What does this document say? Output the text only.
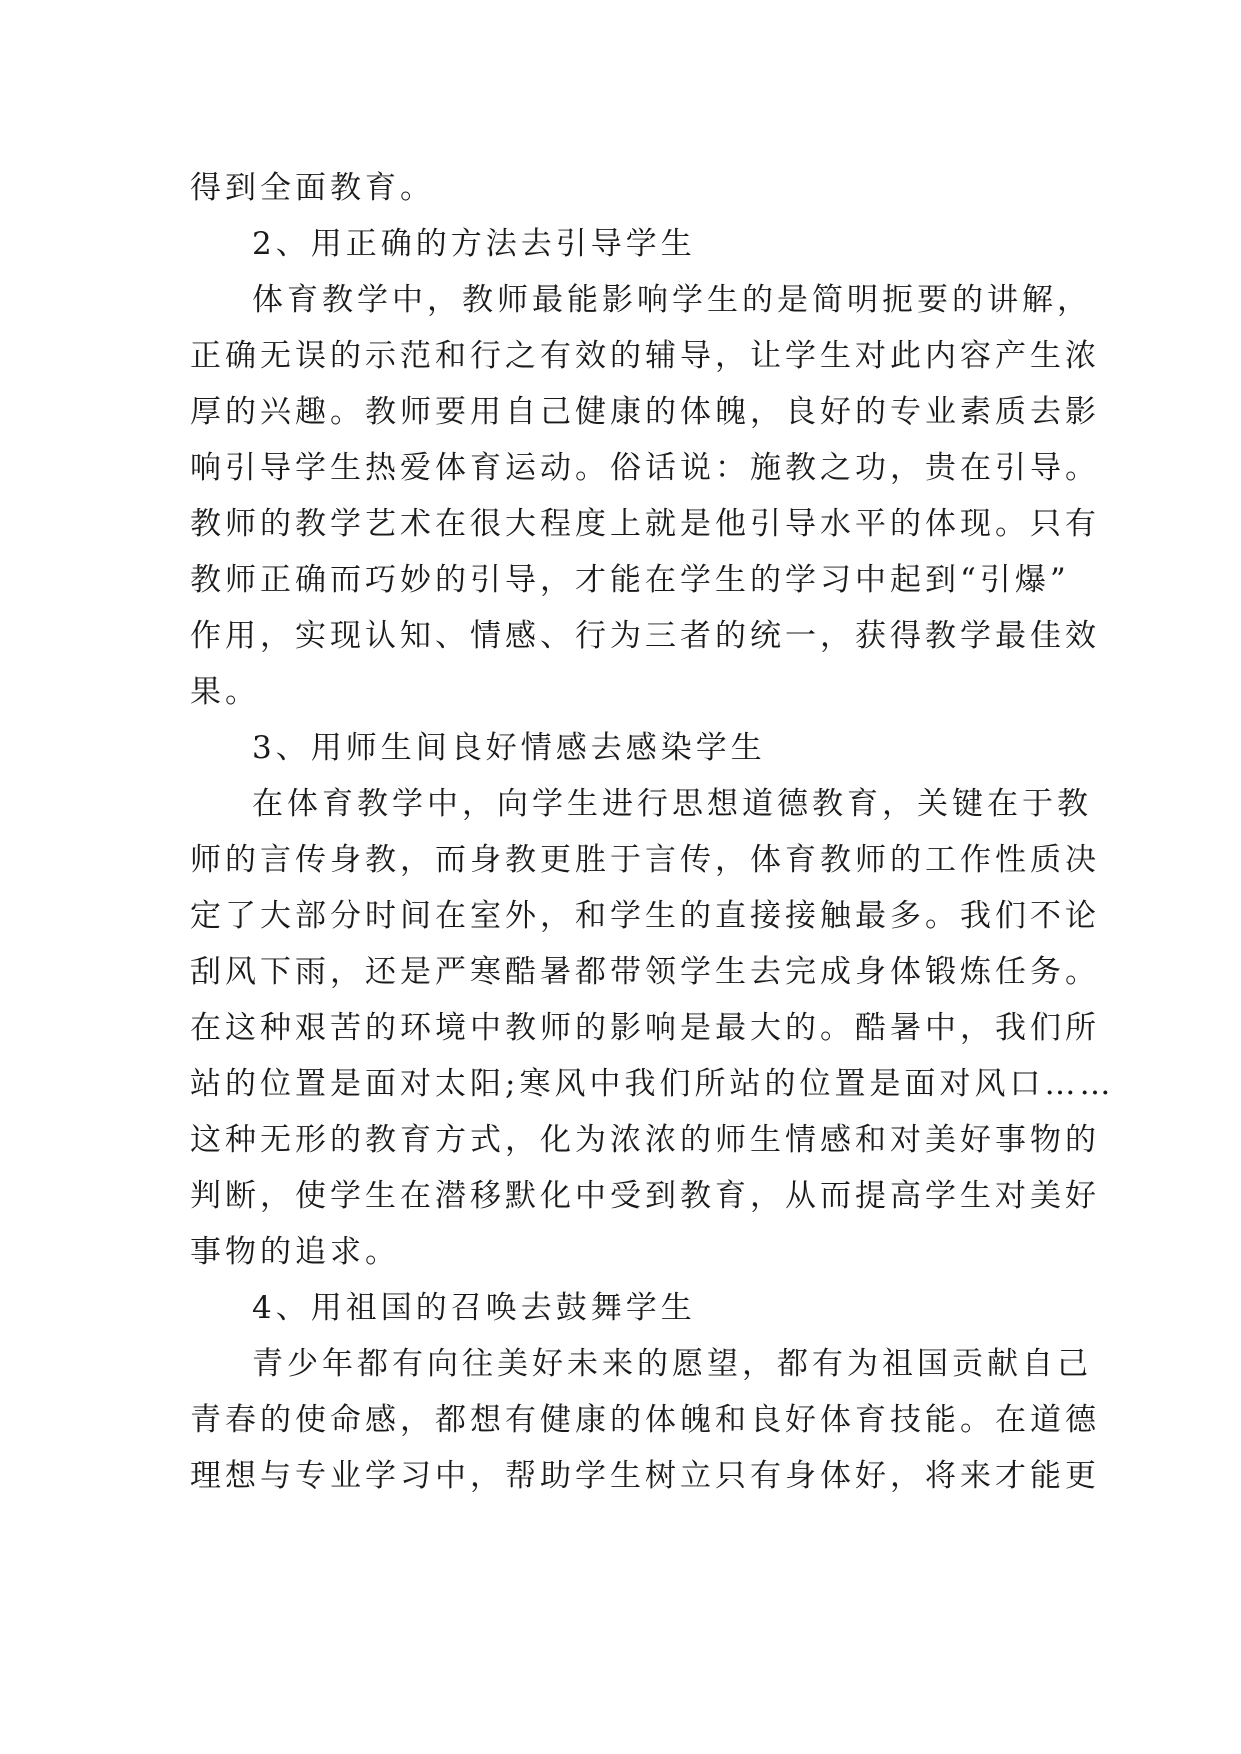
得到全面教育。
2、用正确的方法去引导学生
体育教学中，教师最能影响学生的是简明扼要的讲解，
正确无误的示范和行之有效的辅导，让学生对此内容产生浓
厚的兴趣。教师要用自己健康的体魄，良好的专业素质去影
响引导学生热爱体育运动。俗话说：施教之功，贵在引导。
教师的教学艺术在很大程度上就是他引导水平的体现。只有
教师正确而巧妙的引导，才能在学生的学习中起到“引爆”
作用，实现认知、情感、行为三者的统一，获得教学最佳效
果。
3、用师生间良好情感去感染学生
在体育教学中，向学生进行思想道德教育，关键在于教
师的言传身教，而身教更胜于言传，体育教师的工作性质决
定了大部分时间在室外，和学生的直接接触最多。我们不论
刮风下雨，还是严寒酷暑都带领学生去完成身体锻炼任务。
在这种艰苦的环境中教师的影响是最大的。酷暑中，我们所
站的位置是面对太阳;寒风中我们所站的位置是面对风口……
这种无形的教育方式，化为浓浓的师生情感和对美好事物的
判断，使学生在潜移默化中受到教育，从而提高学生对美好
事物的追求。
4、用祖国的召唤去鼓舞学生
青少年都有向往美好未来的愿望，都有为祖国贡献自己
青春的使命感，都想有健康的体魄和良好体育技能。在道德
理想与专业学习中，帮助学生树立只有身体好，将来才能更
